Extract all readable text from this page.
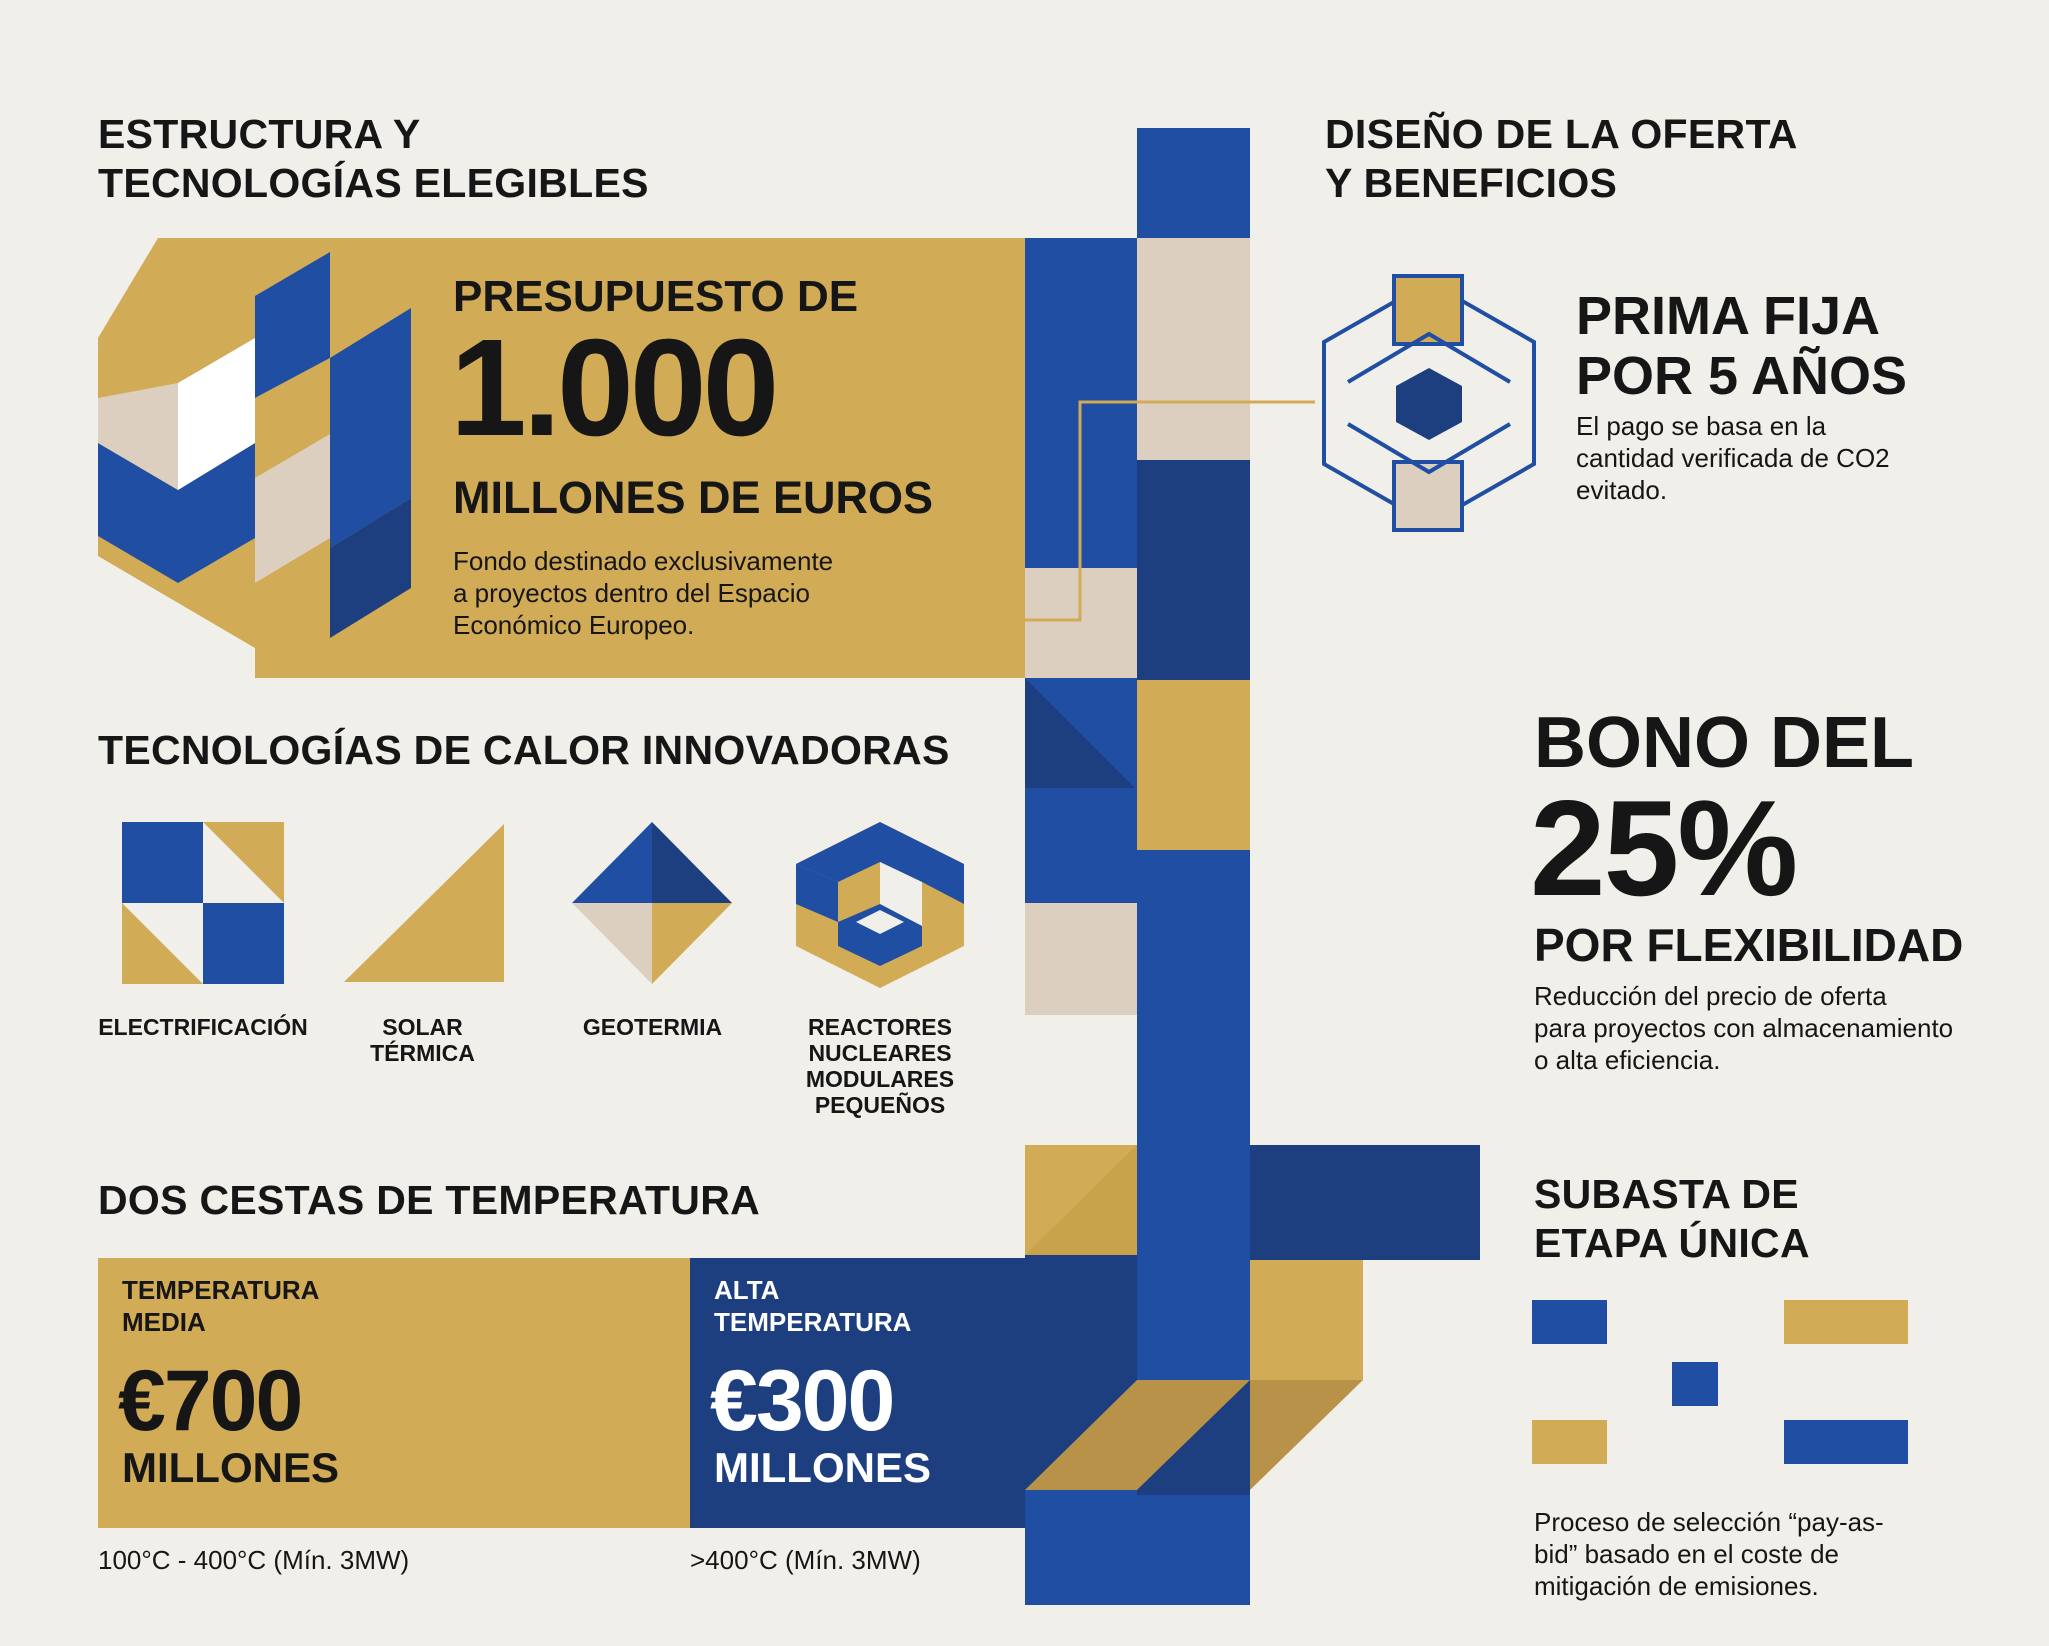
ESTRUCTURA Y
TECNOLOGÍAS ELEGIBLES
PRESUPUESTO DE
1.000
MILLONES DE EUROS
Fondo destinado exclusivamente
a proyectos dentro del Espacio
Económico Europeo.
TECNOLOGÍAS DE CALOR INNOVADORAS
ELECTRIFICACIÓN	SOLAR
TÉRMICA
GEOTERMIA	REACTORES
NUCLEARES
MODULARES
PEQUEÑOS
DOS CESTAS DE TEMPERATURA
TEMPERATURA
MEDIA
€700
MILLONES
ALTA
TEMPERATURA
€300
MILLONES
100°C - 400°C (Mín. 3MW)	>400°C (Mín. 3MW)
DISEÑO DE LA OFERTA
Y BENEFICIOS
PRIMA FIJA
POR 5 AÑOS
El pago se basa en la
cantidad verificada de CO2
evitado.
BONO DEL
25%
POR FLEXIBILIDAD
Reducción del precio de oferta
para proyectos con almacenamiento
o alta eficiencia.
SUBASTA DE
ETAPA ÚNICA
Proceso de selección “pay-as-
bid” basado en el coste de
mitigación de emisiones.
